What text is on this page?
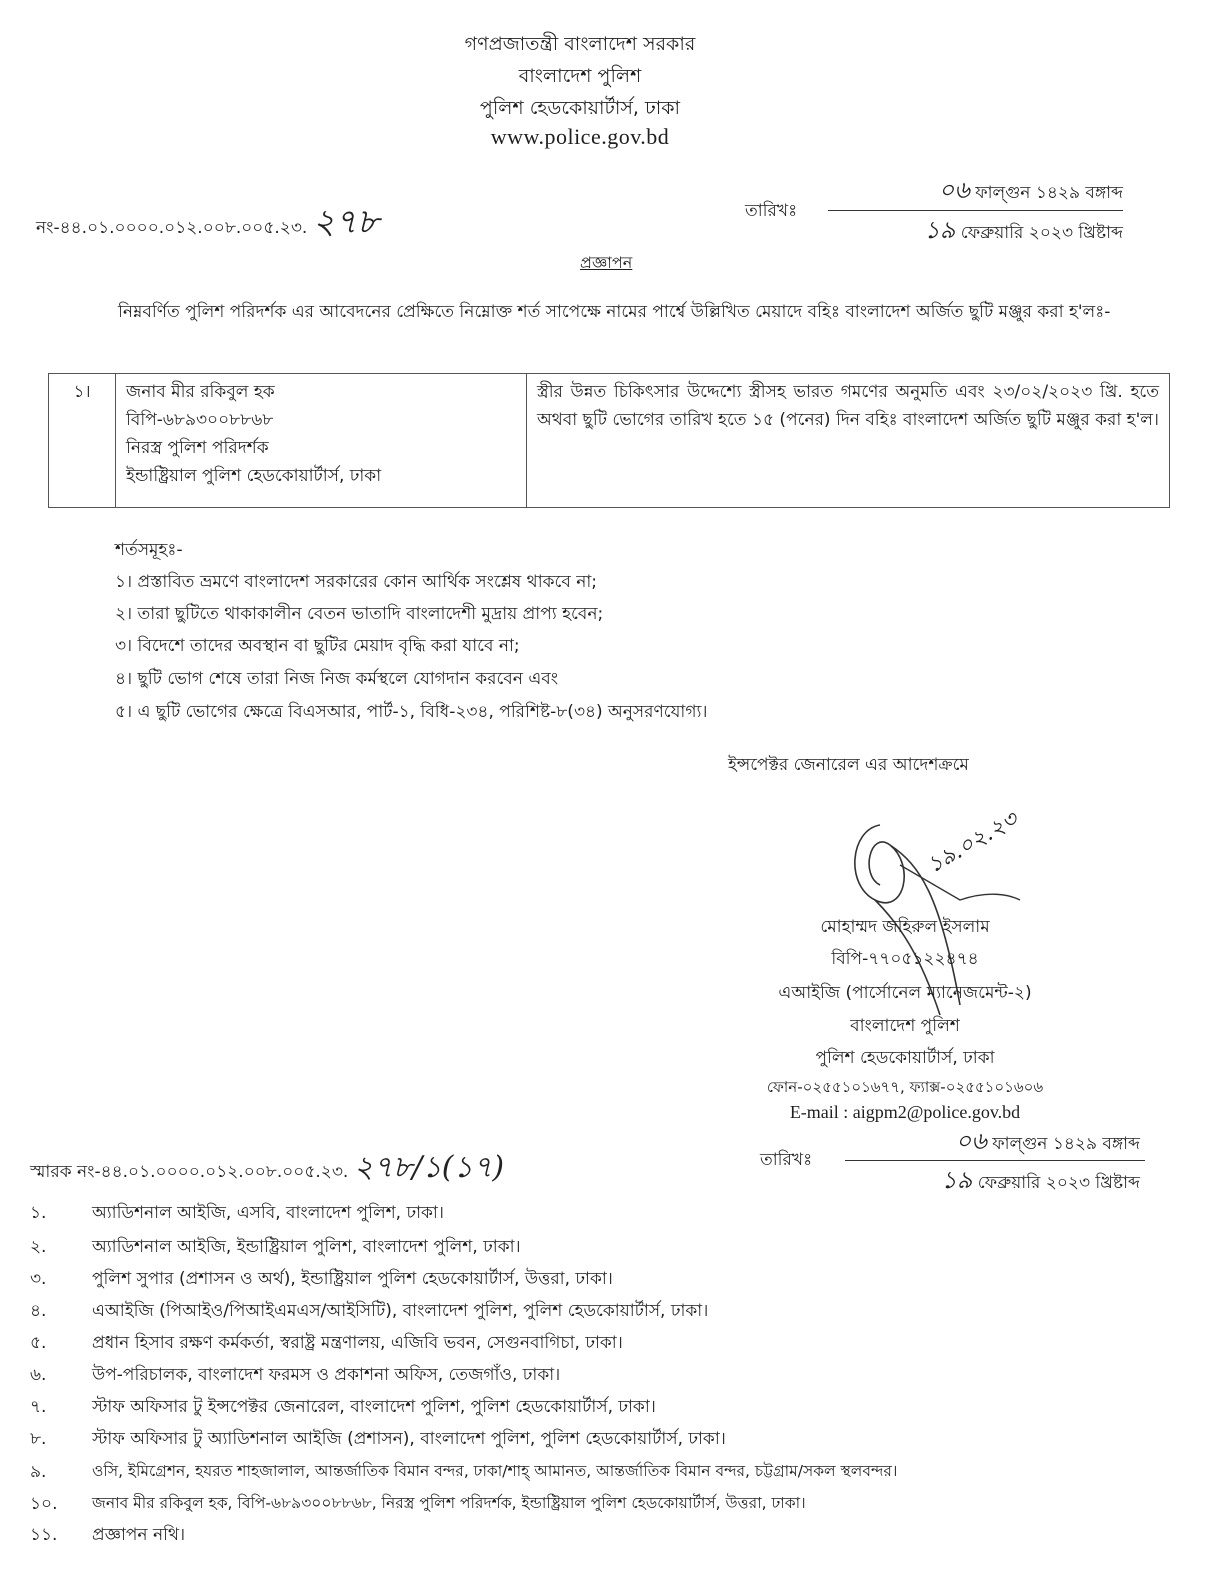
গণপ্রজাতন্ত্রী বাংলাদেশ সরকার
বাংলাদেশ পুলিশ
পুলিশ হেডকোয়ার্টার্স, ঢাকা
www.police.gov.bd
নং-৪৪.০১.০০০০.০১২.০০৮.০০৫.২৩. ২৭৮	তারিখঃ
০৬ ফাল্গুন ১৪২৯ বঙ্গাব্দ
১৯ ফেব্রুয়ারি ২০২৩ খ্রিষ্টাব্দ
প্রজ্ঞাপন
নিম্নবর্ণিত পুলিশ পরিদর্শক এর আবেদনের প্রেক্ষিতে নিম্নোক্ত শর্ত সাপেক্ষে নামের পার্শ্বে উল্লিখিত মেয়াদে বহিঃ বাংলাদেশ অর্জিত ছুটি মঞ্জুর করা হ'লঃ-
১।	জনাব মীর রকিবুল হক
বিপি-৬৮৯৩০০৮৮৬৮
নিরস্ত্র পুলিশ পরিদর্শক
ইন্ডাষ্ট্রিয়াল পুলিশ হেডকোয়ার্টার্স, ঢাকা
	স্ত্রীর উন্নত চিকিৎসার উদ্দেশ্যে স্ত্রীসহ ভারত গমণের অনুমতি এবং ২৩/০২/২০২৩ খ্রি. হতে অথবা ছুটি ভোগের তারিখ হতে ১৫ (পনের) দিন বহিঃ বাংলাদেশ অর্জিত ছুটি মঞ্জুর করা হ'ল।
শর্তসমূহঃ-
১। প্রস্তাবিত ভ্রমণে বাংলাদেশ সরকারের কোন আর্থিক সংশ্লেষ থাকবে না;
২। তারা ছুটিতে থাকাকালীন বেতন ভাতাদি বাংলাদেশী মুদ্রায় প্রাপ্য হবেন;
৩। বিদেশে তাদের অবস্থান বা ছুটির মেয়াদ বৃদ্ধি করা যাবে না;
৪। ছুটি ভোগ শেষে তারা নিজ নিজ কর্মস্থলে যোগদান করবেন এবং
৫। এ ছুটি ভোগের ক্ষেত্রে বিএসআর, পার্ট-১, বিধি-২৩৪, পরিশিষ্ট-৮(৩৪) অনুসরণযোগ্য।
ইন্সপেক্টর জেনারেল এর আদেশক্রমে
১৯.০২.২৩
মোহাম্মদ জহিরুল ইসলাম
বিপি-৭৭০৫১২২৪৭৪
এআইজি (পার্সোনেল ম্যানেজমেন্ট-২)
বাংলাদেশ পুলিশ
পুলিশ হেডকোয়ার্টার্স, ঢাকা
ফোন-০২৫৫১০১৬৭৭, ফ্যাক্স-০২৫৫১০১৬০৬
E-mail : aigpm2@police.gov.bd
স্মারক নং-৪৪.০১.০০০০.০১২.০০৮.০০৫.২৩. ২৭৮/১(১৭)	তারিখঃ
০৬ ফাল্গুন ১৪২৯ বঙ্গাব্দ
১৯ ফেব্রুয়ারি ২০২৩ খ্রিষ্টাব্দ
১.	অ্যাডিশনাল আইজি, এসবি, বাংলাদেশ পুলিশ, ঢাকা।
২.	অ্যাডিশনাল আইজি, ইন্ডাষ্ট্রিয়াল পুলিশ, বাংলাদেশ পুলিশ, ঢাকা।
৩.	পুলিশ সুপার (প্রশাসন ও অর্থ), ইন্ডাষ্ট্রিয়াল পুলিশ হেডকোয়ার্টার্স, উত্তরা, ঢাকা।
৪.	এআইজি (পিআইও/পিআইএমএস/আইসিটি), বাংলাদেশ পুলিশ, পুলিশ হেডকোয়ার্টার্স, ঢাকা।
৫.	প্রধান হিসাব রক্ষণ কর্মকর্তা, স্বরাষ্ট্র মন্ত্রণালয়, এজিবি ভবন, সেগুনবাগিচা, ঢাকা।
৬.	উপ-পরিচালক, বাংলাদেশ ফরমস ও প্রকাশনা অফিস, তেজগাঁও, ঢাকা।
৭.	স্টাফ অফিসার টু ইন্সপেক্টর জেনারেল, বাংলাদেশ পুলিশ, পুলিশ হেডকোয়ার্টার্স, ঢাকা।
৮.	স্টাফ অফিসার টু অ্যাডিশনাল আইজি (প্রশাসন), বাংলাদেশ পুলিশ, পুলিশ হেডকোয়ার্টার্স, ঢাকা।
৯.	ওসি, ইমিগ্রেশন, হযরত শাহজালাল, আন্তর্জাতিক বিমান বন্দর, ঢাকা/শাহ্ আমানত, আন্তর্জাতিক বিমান বন্দর, চট্টগ্রাম/সকল স্থলবন্দর।
১০. জনাব মীর রকিবুল হক, বিপি-৬৮৯৩০০৮৮৬৮, নিরস্ত্র পুলিশ পরিদর্শক, ইন্ডাষ্ট্রিয়াল পুলিশ হেডকোয়ার্টার্স, উত্তরা, ঢাকা।
১১. প্রজ্ঞাপন নথি।
